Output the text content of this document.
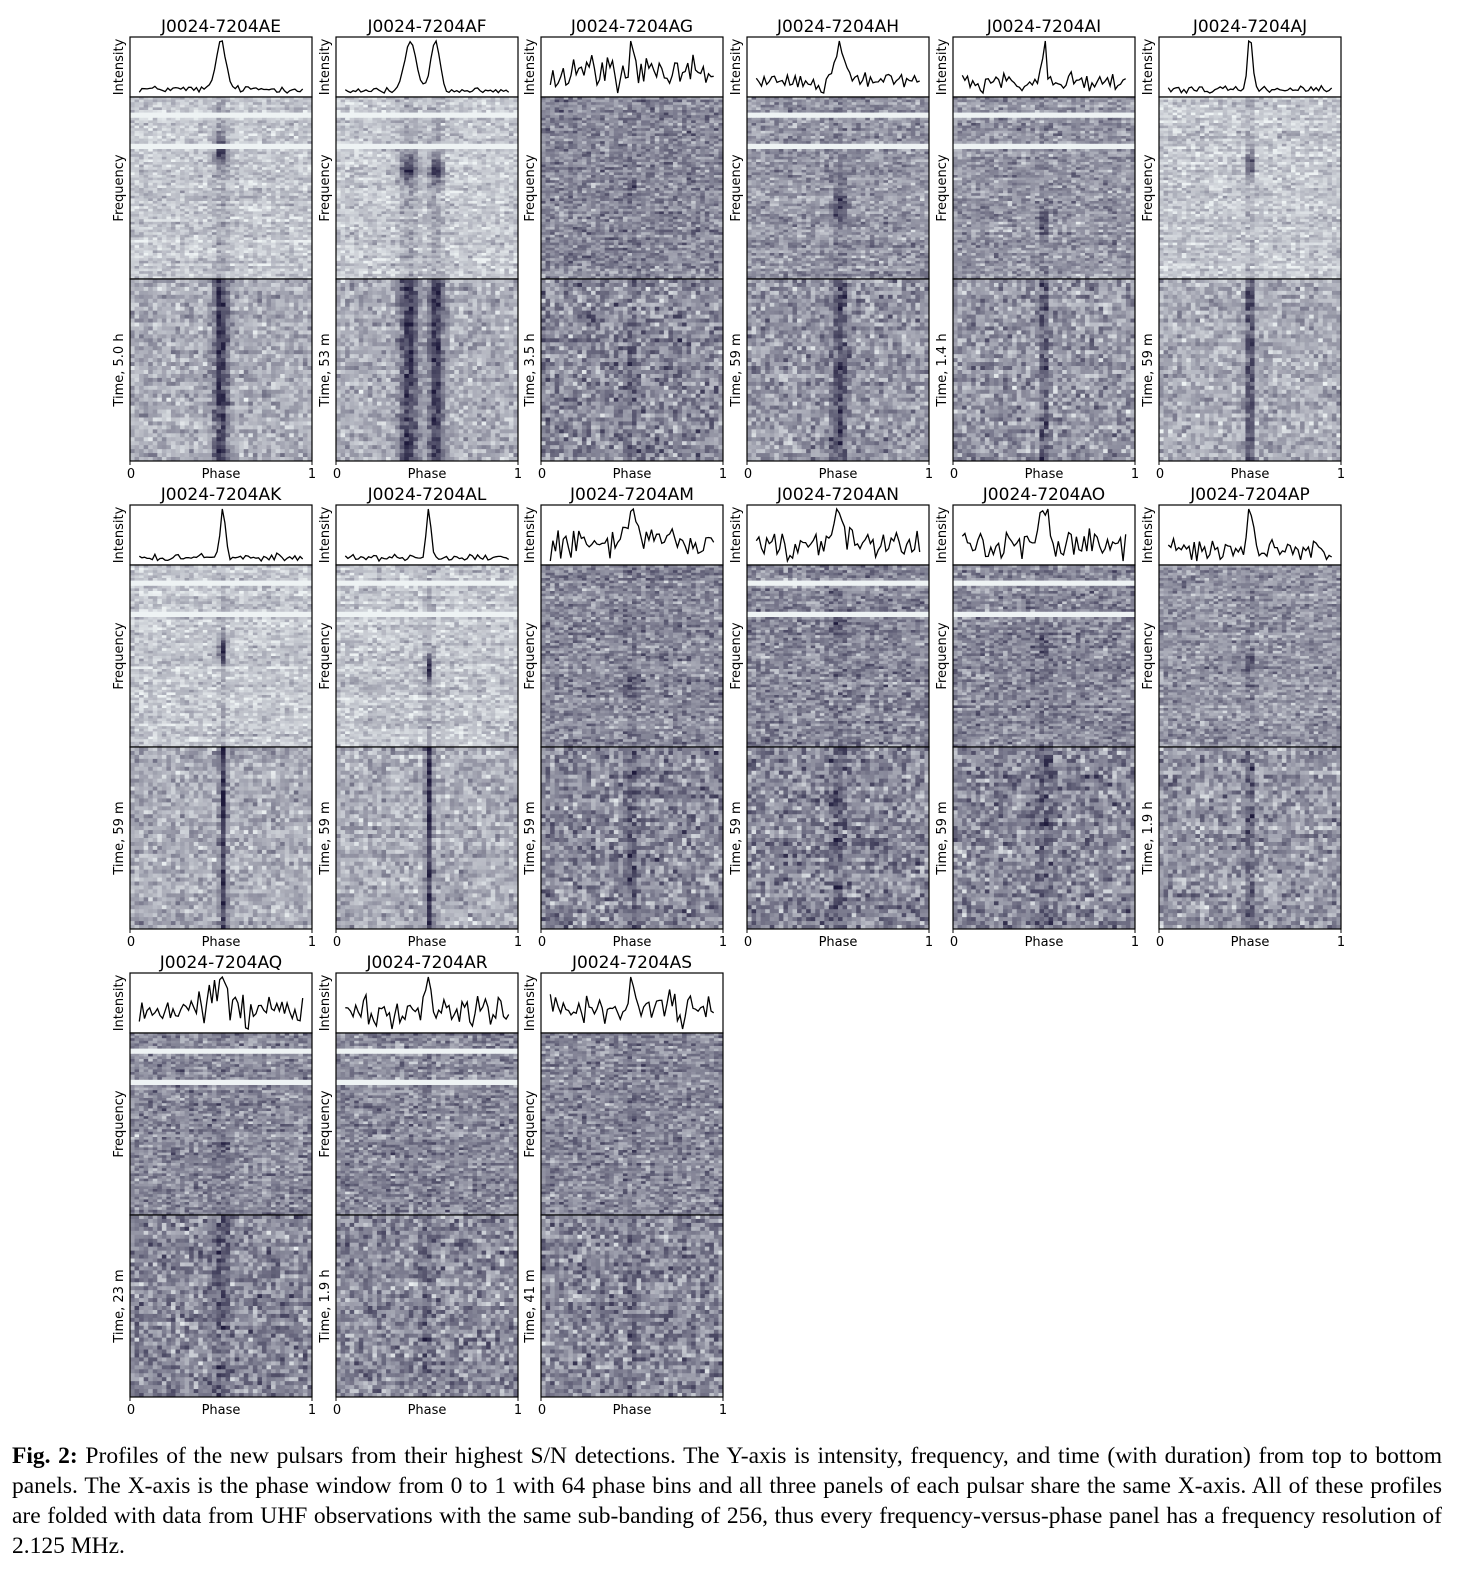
J0024-7204AE
Intensity
Frequency
Time, 5.0 h
0	Phase	1
J0024-7204AF
Intensity
Frequency
Time, 53 m
0	Phase	1
J0024-7204AG
Intensity
Frequency
Time, 3.5 h
0	Phase	1
J0024-7204AH
Intensity
Frequency
Time, 59 m
0	Phase	1
J0024-7204AI
Intensity
Frequency
Time, 1.4 h
0	Phase	1
J0024-7204AJ
Intensity
Frequency
Time, 59 m
0	Phase	1
J0024-7204AK
Intensity
Frequency
Time, 59 m
0	Phase	1
J0024-7204AL
Intensity
Frequency
Time, 59 m
0	Phase	1
J0024-7204AM
Intensity
Frequency
Time, 59 m
0	Phase	1
J0024-7204AN
Intensity
Frequency
Time, 59 m
0	Phase	1
J0024-7204AO
Intensity
Frequency
Time, 59 m
0	Phase	1
J0024-7204AP
Intensity
Frequency
Time, 1.9 h
0	Phase	1
J0024-7204AQ
Intensity
Frequency
Time, 23 m
0	Phase	1
J0024-7204AR
Intensity
Frequency
Time, 1.9 h
0	Phase	1
J0024-7204AS
Intensity
Frequency
Time, 41 m
0	Phase	1

Fig. 2: Profiles of the new pulsars from their highest S/N detections. The Y-axis is intensity, frequency, and time (with duration) from top to bottom panels. The X-axis is the phase window from 0 to 1 with 64 phase bins and all three panels of each pulsar share the same X-axis. All of these profiles are folded with data from UHF observations with the same sub-banding of 256, thus every frequency-versus-phase panel has a frequency resolution of 2.125 MHz.
